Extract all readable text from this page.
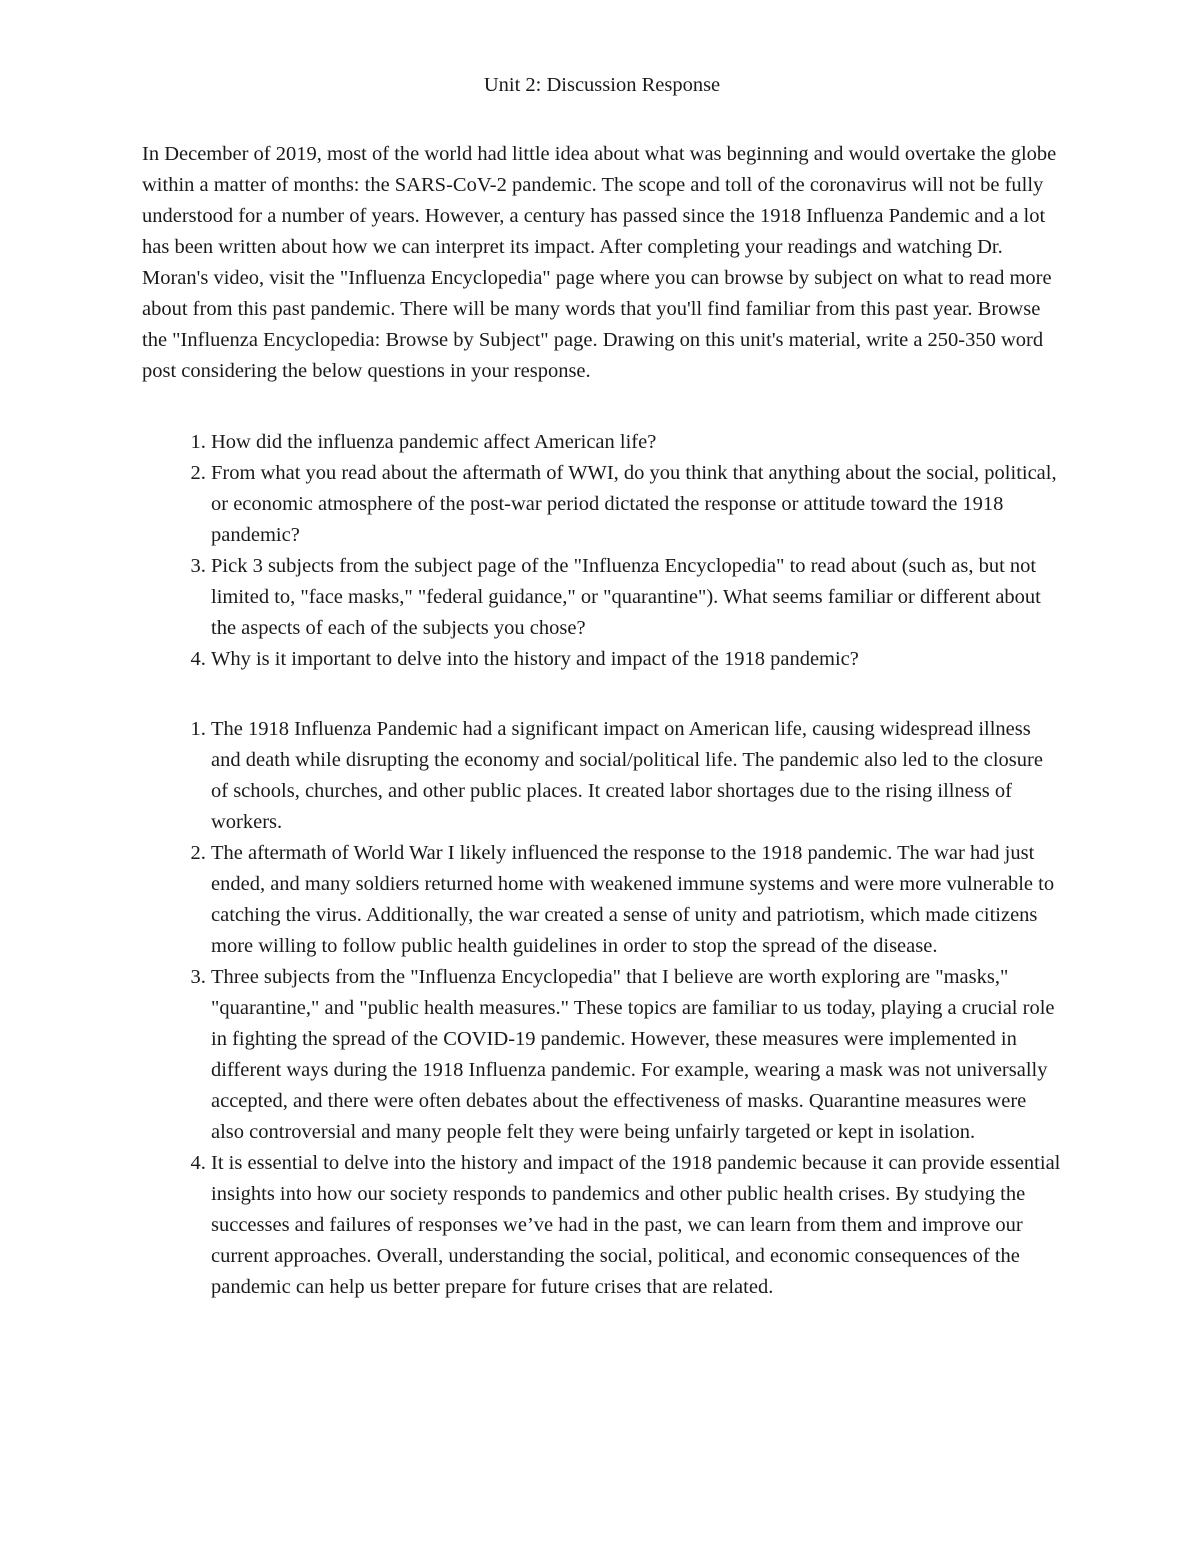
Unit 2: Discussion Response

In December of 2019, most of the world had little idea about what was beginning and would overtake the globe within a matter of months: the SARS-CoV-2 pandemic. The scope and toll of the coronavirus will not be fully understood for a number of years. However, a century has passed since the 1918 Influenza Pandemic and a lot has been written about how we can interpret its impact. After completing your readings and watching Dr. Moran's video, visit the "Influenza Encyclopedia" page where you can browse by subject on what to read more about from this past pandemic. There will be many words that you'll find familiar from this past year. Browse the "Influenza Encyclopedia: Browse by Subject" page. Drawing on this unit's material, write a 250-350 word post considering the below questions in your response.

1. How did the influenza pandemic affect American life?
2. From what you read about the aftermath of WWI, do you think that anything about the social, political, or economic atmosphere of the post-war period dictated the response or attitude toward the 1918 pandemic?
3. Pick 3 subjects from the subject page of the "Influenza Encyclopedia" to read about (such as, but not limited to, "face masks," "federal guidance," or "quarantine"). What seems familiar or different about the aspects of each of the subjects you chose?
4. Why is it important to delve into the history and impact of the 1918 pandemic?
1. The 1918 Influenza Pandemic had a significant impact on American life, causing widespread illness and death while disrupting the economy and social/political life. The pandemic also led to the closure of schools, churches, and other public places. It created labor shortages due to the rising illness of workers.
2. The aftermath of World War I likely influenced the response to the 1918 pandemic. The war had just ended, and many soldiers returned home with weakened immune systems and were more vulnerable to catching the virus. Additionally, the war created a sense of unity and patriotism, which made citizens more willing to follow public health guidelines in order to stop the spread of the disease.
3. Three subjects from the "Influenza Encyclopedia" that I believe are worth exploring are "masks," "quarantine," and "public health measures." These topics are familiar to us today, playing a crucial role in fighting the spread of the COVID-19 pandemic. However, these measures were implemented in different ways during the 1918 Influenza pandemic. For example, wearing a mask was not universally accepted, and there were often debates about the effectiveness of masks. Quarantine measures were also controversial and many people felt they were being unfairly targeted or kept in isolation.
4. It is essential to delve into the history and impact of the 1918 pandemic because it can provide essential insights into how our society responds to pandemics and other public health crises. By studying the successes and failures of responses we’ve had in the past, we can learn from them and improve our current approaches. Overall, understanding the social, political, and economic consequences of the pandemic can help us better prepare for future crises that are related.
